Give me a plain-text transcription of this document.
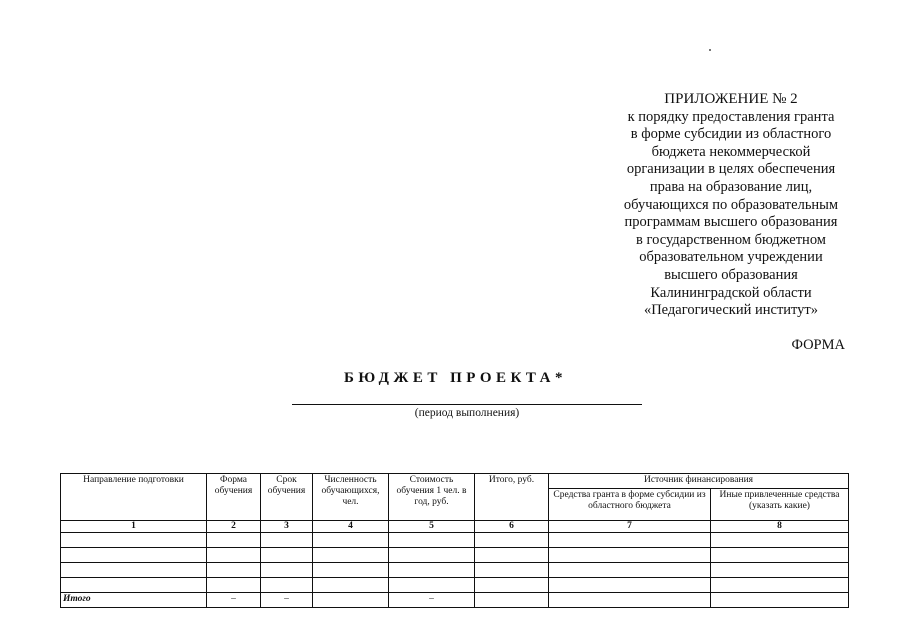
ПРИЛОЖЕНИЕ № 2
к порядку предоставления гранта
в форме субсидии из областного
бюджета некоммерческой
организации в целях обеспечения
права на образование лиц,
обучающихся по образовательным
программам высшего образования
в государственном бюджетном
образовательном учреждении
высшего образования
Калининградской области
«Педагогический институт»
ФОРМА
БЮДЖЕТ ПРОЕКТА*
(период выполнения)
Направление подготовки	Форма обучения	Срок обучения	Численность обучающихся, чел.	Стоимость обучения 1 чел. в год, руб.	Итого, руб.	Источник финансирования	
						Средства гранта в форме субсидии из областного бюджета	Иные привлеченные средства (указать какие)
1	2	3	4	5	6	7	8

Итого	–	–		–			
